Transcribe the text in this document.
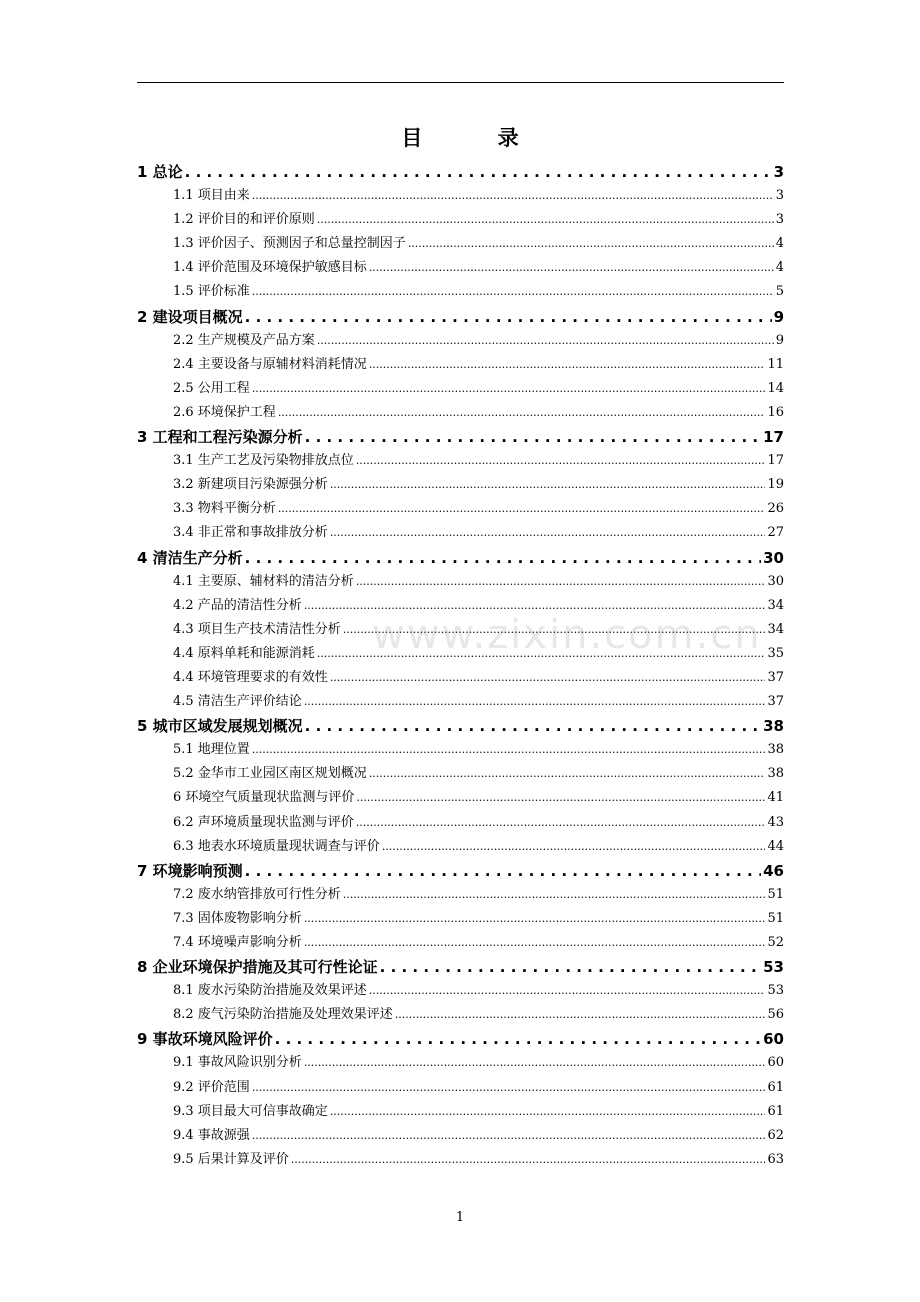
目 录
1 总论 . . .	3
1.1 项目由来 .....	3
1.2 评价目的和评价原则 .....	3
1.3 评价因子、预测因子和总量控制因子 .....	4
1.4 评价范围及环境保护敏感目标 .....	4
1.5 评价标准 .....	5
2 建设项目概况 . . .	9
2.2 生产规模及产品方案 .....	9
2.4 主要设备与原辅材料消耗情况 .....	11
2.5 公用工程 .....	14
2.6 环境保护工程 .....	16
3 工程和工程污染源分析 . . .	17
3.1 生产工艺及污染物排放点位 .....	17
3.2 新建项目污染源强分析 .....	19
3.3 物料平衡分析 .....	26
3.4 非正常和事故排放分析 .....	27
4 清洁生产分析 . . .	30
4.1 主要原、辅材料的清洁分析 .....	30
4.2 产品的清洁性分析 .....	34
4.3 项目生产技术清洁性分析 .....	34
4.4 原料单耗和能源消耗 .....	35
4.4 环境管理要求的有效性 .....	37
4.5 清洁生产评价结论 .....	37
5 城市区域发展规划概况 . . .	38
5.1 地理位置 .....	38
5.2 金华市工业园区南区规划概况 .....	38
6 环境空气质量现状监测与评价 .....	41
6.2 声环境质量现状监测与评价 .....	43
6.3 地表水环境质量现状调查与评价 .....	44
7 环境影响预测 . . .	46
7.2 废水纳管排放可行性分析 .....	51
7.3 固体废物影响分析 .....	51
7.4 环境噪声影响分析 .....	52
8 企业环境保护措施及其可行性论证 . . .	53
8.1 废水污染防治措施及效果评述 .....	53
8.2 废气污染防治措施及处理效果评述 .....	56
9 事故环境风险评价 . . .	60
9.1 事故风险识别分析 .....	60
9.2 评价范围 .....	61
9.3 项目最大可信事故确定 .....	61
9.4 事故源强 .....	62
9.5 后果计算及评价 .....	63
www.zixin.com.cn
1
